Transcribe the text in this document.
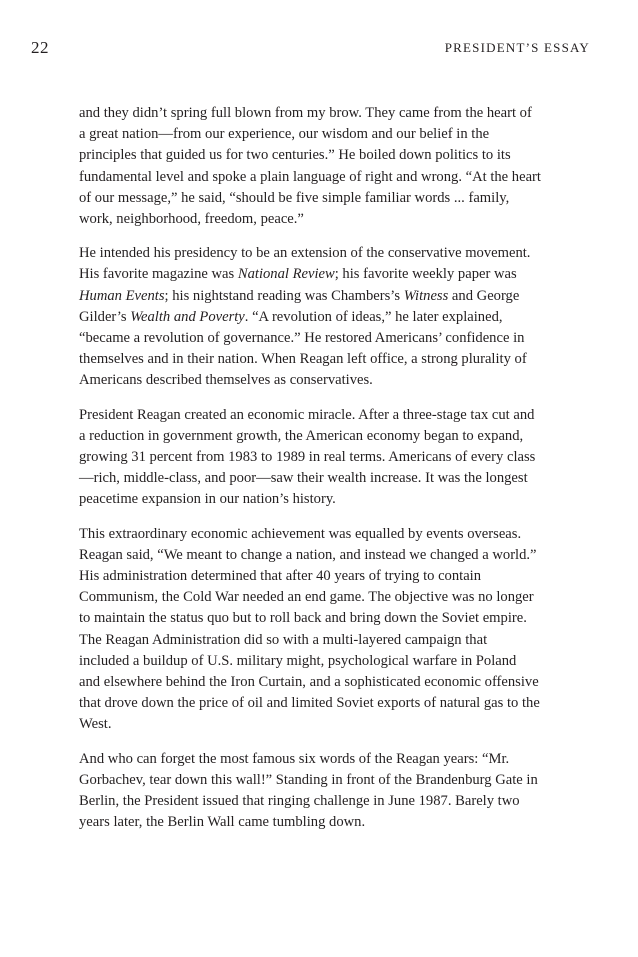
22	PRESIDENT’S ESSAY

and they didn’t spring full blown from my brow. They came from the heart of a great nation—from our experience, our wisdom and our belief in the principles that guided us for two centuries.” He boiled down politics to its fundamental level and spoke a plain language of right and wrong. “At the heart of our message,” he said, “should be five simple familiar words ... family, work, neighborhood, freedom, peace.”

He intended his presidency to be an extension of the conservative movement. His favorite magazine was National Review; his favorite weekly paper was Human Events; his nightstand reading was Chambers’s Witness and George Gilder’s Wealth and Poverty. “A revolution of ideas,” he later explained, “became a revolution of governance.” He restored Americans’ confidence in themselves and in their nation. When Reagan left office, a strong plurality of Americans described themselves as conservatives.

President Reagan created an economic miracle. After a three-stage tax cut and a reduction in government growth, the American economy began to expand, growing 31 percent from 1983 to 1989 in real terms. Americans of every class—rich, middle-class, and poor—saw their wealth increase. It was the longest peacetime expansion in our nation’s history.

This extraordinary economic achievement was equalled by events overseas. Reagan said, “We meant to change a nation, and instead we changed a world.” His administration determined that after 40 years of trying to contain Communism, the Cold War needed an end game. The objective was no longer to maintain the status quo but to roll back and bring down the Soviet empire. The Reagan Administration did so with a multi-layered campaign that included a buildup of U.S. military might, psychological warfare in Poland and elsewhere behind the Iron Curtain, and a sophisticated economic offensive that drove down the price of oil and limited Soviet exports of natural gas to the West.

And who can forget the most famous six words of the Reagan years: “Mr. Gorbachev, tear down this wall!” Standing in front of the Brandenburg Gate in Berlin, the President issued that ringing challenge in June 1987. Barely two years later, the Berlin Wall came tumbling down.
